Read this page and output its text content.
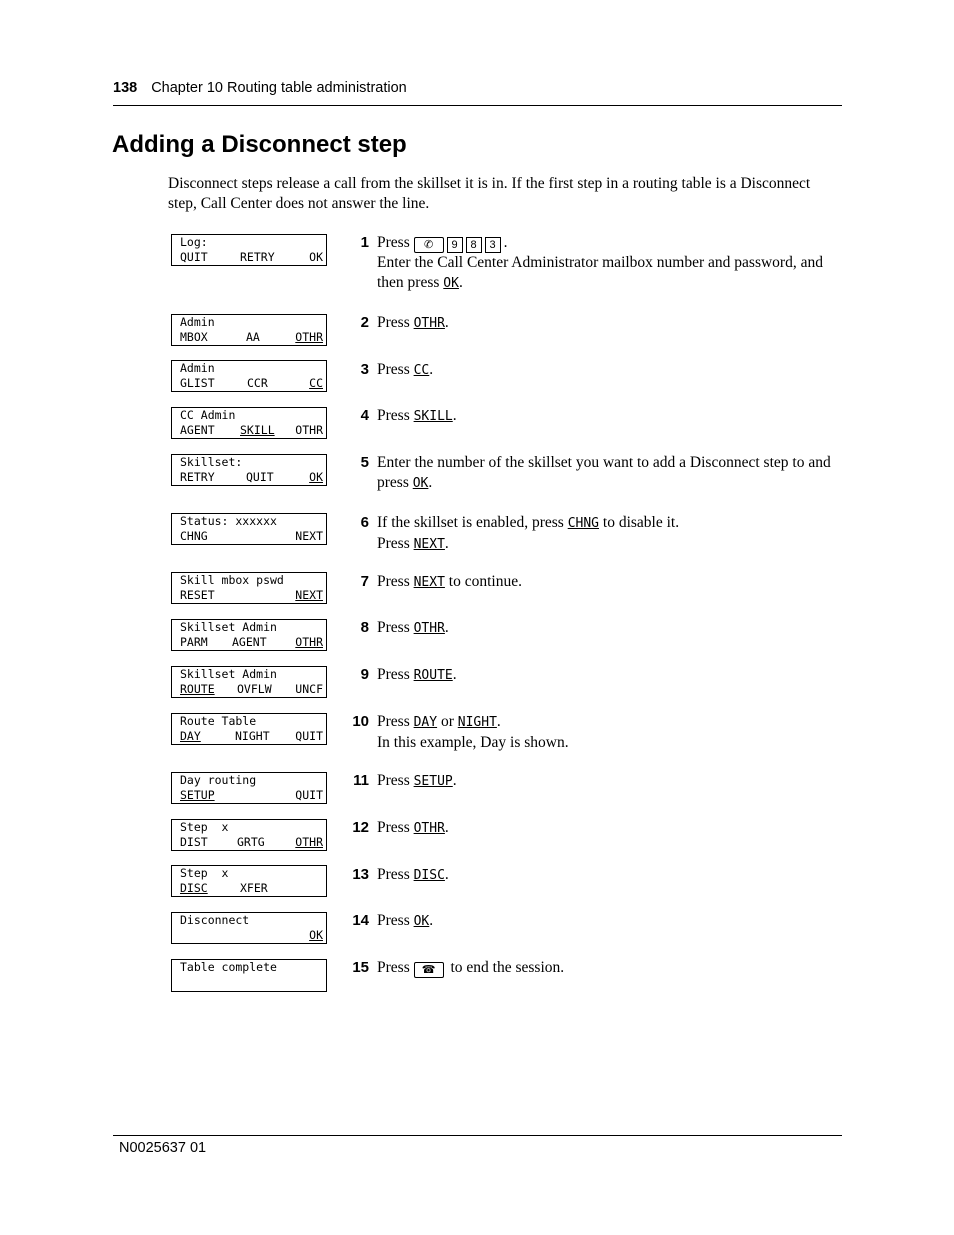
138 Chapter 10 Routing table administration
Adding a Disconnect step

Disconnect steps release a call from the skillset it is in. If the first step in a routing table is a Disconnect step, Call Center does not answer the line.

Log:
QUIT	RETRY	OK
Admin
MBOX	AA	OTHR
Admin
GLIST	CCR	CC
CC Admin
AGENT SKILL OTHR
Skillset:
RETRY	QUIT	OK
Status: xxxxxx
CHNG	NEXT
Skill mbox pswd
RESET	NEXT
Skillset Admin
PARM AGENT OTHR
Skillset Admin
ROUTE OVFLW UNCF
Route Table
DAY	NIGHT QUIT
Day routing
SETUP	QUIT
Step  x
DIST	GRTG	OTHR
Step  x
DISC	XFER
Disconnect
OK
Table complete
1 Press ✆ 9 8 3 .
Enter the Call Center Administrator mailbox number and password, and then press OK.
2 Press OTHR.
3 Press CC.
4 Press SKILL.
5 Enter the number of the skillset you want to add a Disconnect step to and press OK.
6 If the skillset is enabled, press CHNG to disable it.
Press NEXT.
7 Press NEXT to continue.
8 Press OTHR.
9 Press ROUTE.
10 Press DAY or NIGHT.
In this example, Day is shown.
11 Press SETUP.
12 Press OTHR.
13 Press DISC.
14 Press OK.
15 Press ☎ to end the session.
N0025637 01
